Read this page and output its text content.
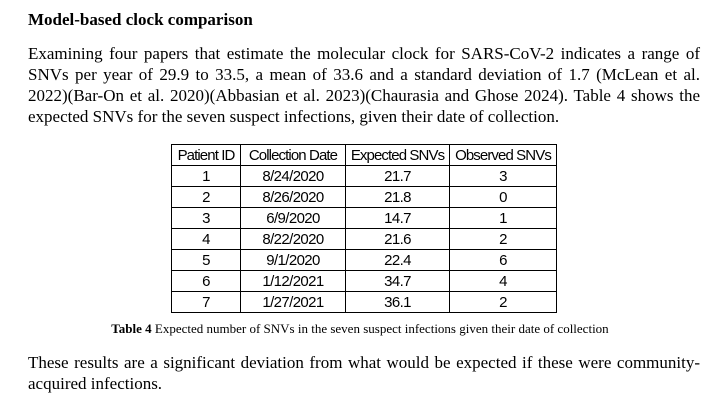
Model-based clock comparison
Examining four papers that estimate the molecular clock for SARS-CoV-2 indicates a range of
SNVs per year of 29.9 to 33.5, a mean of 33.6 and a standard deviation of 1.7 (McLean et al.
2022)(Bar-On et al. 2020)(Abbasian et al. 2023)(Chaurasia and Ghose 2024). Table 4 shows the
expected SNVs for the seven suspect infections, given their date of collection.
Patient ID	Collection Date	Expected SNVs	Observed SNVs
1	8/24/2020	21.7	3
2	8/26/2020	21.8	0
3	6/9/2020	14.7	1
4	8/22/2020	21.6	2
5	9/1/2020	22.4	6
6	1/12/2021	34.7	4
7	1/27/2021	36.1	2
Table 4 Expected number of SNVs in the seven suspect infections given their date of collection
These results are a significant deviation from what would be expected if these were community-
acquired infections.
